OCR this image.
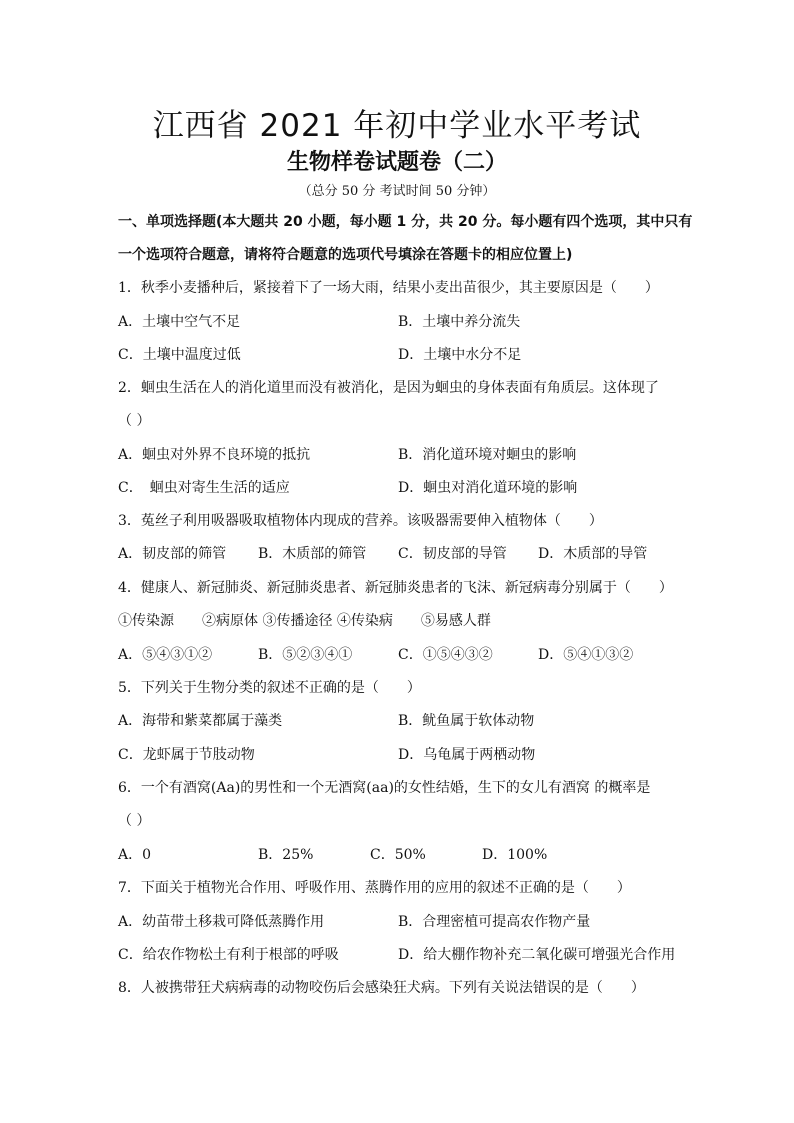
江西省 2021 年初中学业水平考试
生物样卷试题卷（二）
（总分 50 分 考试时间 50 分钟）
一、单项选择题(本大题共 20 小题，每小题 1 分，共 20 分。每小题有四个选项，其中只有
一个选项符合题意，请将符合题意的选项代号填涂在答题卡的相应位置上)
1．秋季小麦播种后，紧接着下了一场大雨，结果小麦出苗很少，其主要原因是（　　）
A．土壤中空气不足	B．土壤中养分流失
C．土壤中温度过低	D．土壤中水分不足
2．蛔虫生活在人的消化道里而没有被消化，是因为蛔虫的身体表面有角质层。这体现了
（ ）
A．蛔虫对外界不良环境的抵抗	B．消化道环境对蛔虫的影响
C．　蛔虫对寄生生活的适应	D．蛔虫对消化道环境的影响
3．菟丝子利用吸器吸取植物体内现成的营养。该吸器需要伸入植物体（　　）
A．韧皮部的筛管 B．木质部的筛管 C．韧皮部的导管 D．木质部的导管
4．健康人、新冠肺炎、新冠肺炎患者、新冠肺炎患者的飞沫、新冠病毒分别属于（　　）
①传染源　　②病原体 ③传播途径 ④传染病　　⑤易感人群
A．⑤④③①②	B．⑤②③④①	C．①⑤④③②	D．⑤④①③②
5．下列关于生物分类的叙述不正确的是（　　）
A．海带和紫菜都属于藻类	B．鱿鱼属于软体动物
C．龙虾属于节肢动物	D．乌龟属于两栖动物
6．一个有酒窝(Aa)的男性和一个无酒窝(aa)的女性结婚，生下的女儿有酒窝 的概率是
（ ）
A．0	B．25%	C．50%	D．100%
7．下面关于植物光合作用、呼吸作用、蒸腾作用的应用的叙述不正确的是（　　）
A．幼苗带土移栽可降低蒸腾作用	B．合理密植可提高农作物产量
C．给农作物松土有利于根部的呼吸	D．给大棚作物补充二氧化碳可增强光合作用
8．人被携带狂犬病病毒的动物咬伤后会感染狂犬病。下列有关说法错误的是（　　）
